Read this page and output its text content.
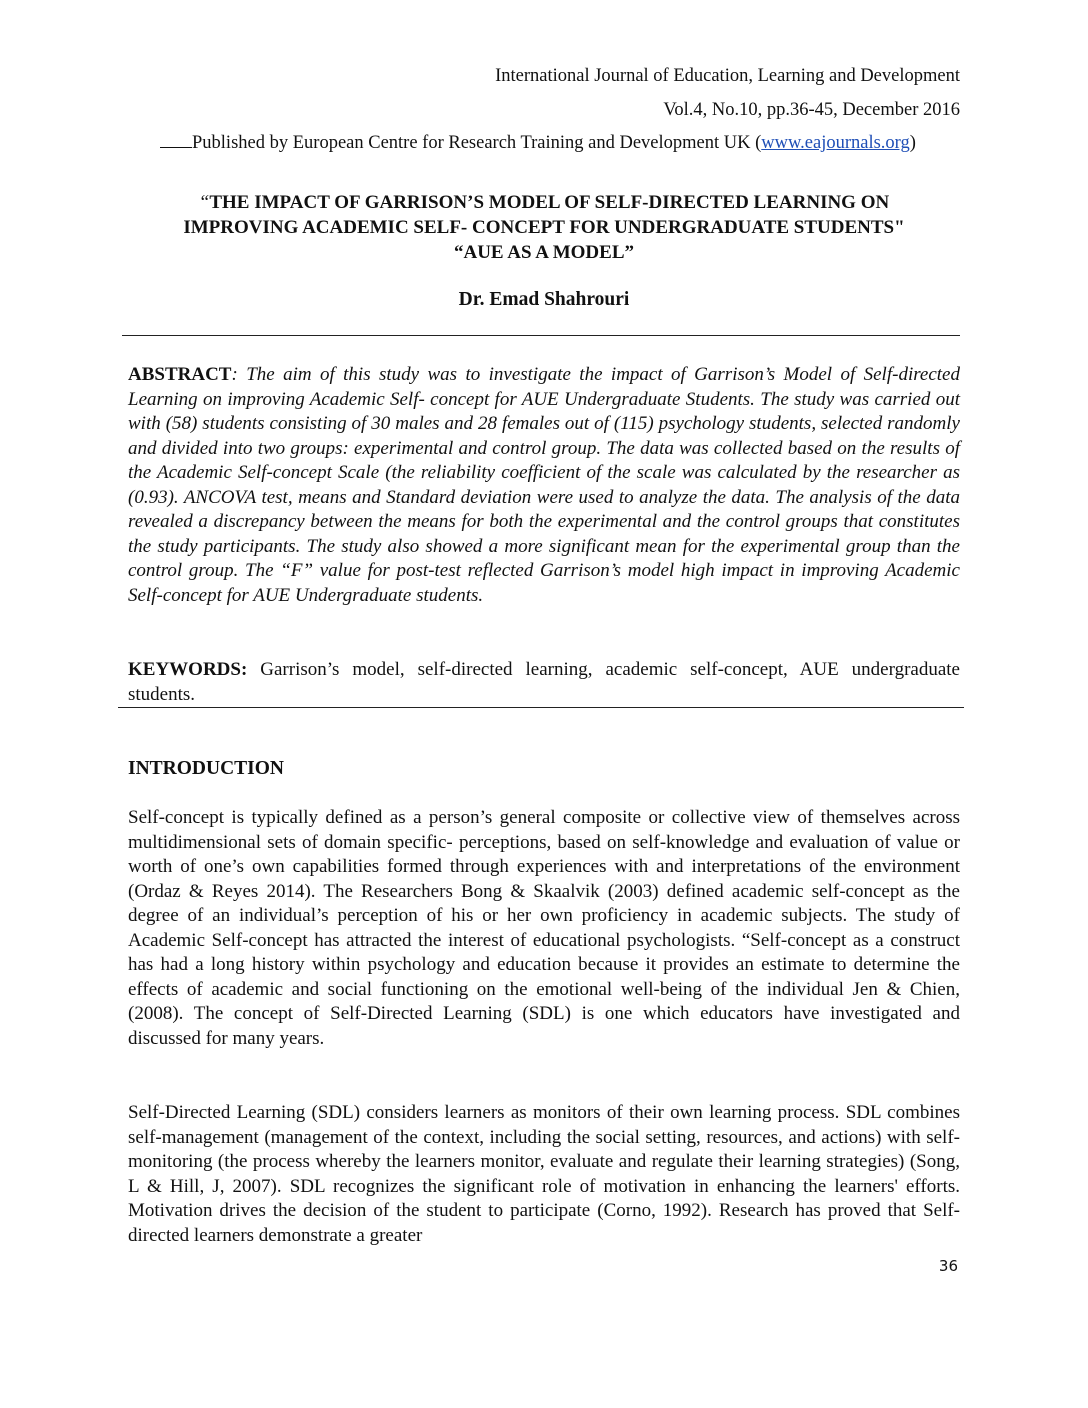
International Journal of Education, Learning and Development
Vol.4, No.10, pp.36-45, December 2016
Published by European Centre for Research Training and Development UK (www.eajournals.org)
“THE IMPACT OF GARRISON’S MODEL OF SELF-DIRECTED LEARNING ON
IMPROVING ACADEMIC SELF- CONCEPT FOR UNDERGRADUATE STUDENTS"
“AUE AS A MODEL”
Dr. Emad Shahrouri
ABSTRACT: The aim of this study was to investigate the impact of Garrison’s Model of Self-directed Learning on improving Academic Self- concept for AUE Undergraduate Students. The study was carried out with (58) students consisting of 30 males and 28 females out of (115) psychology students, selected randomly and divided into two groups: experimental and control group. The data was collected based on the results of the Academic Self-concept Scale (the reliability coefficient of the scale was calculated by the researcher as (0.93). ANCOVA test, means and Standard deviation were used to analyze the data. The analysis of the data revealed a discrepancy between the means for both the experimental and the control groups that constitutes the study participants. The study also showed a more significant mean for the experimental group than the control group. The “F” value for post-test reflected Garrison’s model high impact in improving Academic Self-concept for AUE Undergraduate students.
KEYWORDS: Garrison’s model, self-directed learning, academic self-concept, AUE undergraduate students.
INTRODUCTION
Self-concept is typically defined as a person’s general composite or collective view of themselves across multidimensional sets of domain specific- perceptions, based on self-knowledge and evaluation of value or worth of one’s own capabilities formed through experiences with and interpretations of the environment (Ordaz & Reyes 2014). The Researchers Bong & Skaalvik (2003) defined academic self-concept as the degree of an individual’s perception of his or her own proficiency in academic subjects. The study of Academic Self-concept has attracted the interest of educational psychologists. “Self-concept as a construct has had a long history within psychology and education because it provides an estimate to determine the effects of academic and social functioning on the emotional well-being of the individual Jen & Chien, (2008). The concept of Self-Directed Learning (SDL) is one which educators have investigated and discussed for many years.
Self-Directed Learning (SDL) considers learners as monitors of their own learning process. SDL combines self-management (management of the context, including the social setting, resources, and actions) with self-monitoring (the process whereby the learners monitor, evaluate and regulate their learning strategies) (Song, L & Hill, J, 2007). SDL recognizes the significant role of motivation in enhancing the learners' efforts. Motivation drives the decision of the student to participate (Corno, 1992). Research has proved that Self-directed learners demonstrate a greater
36
